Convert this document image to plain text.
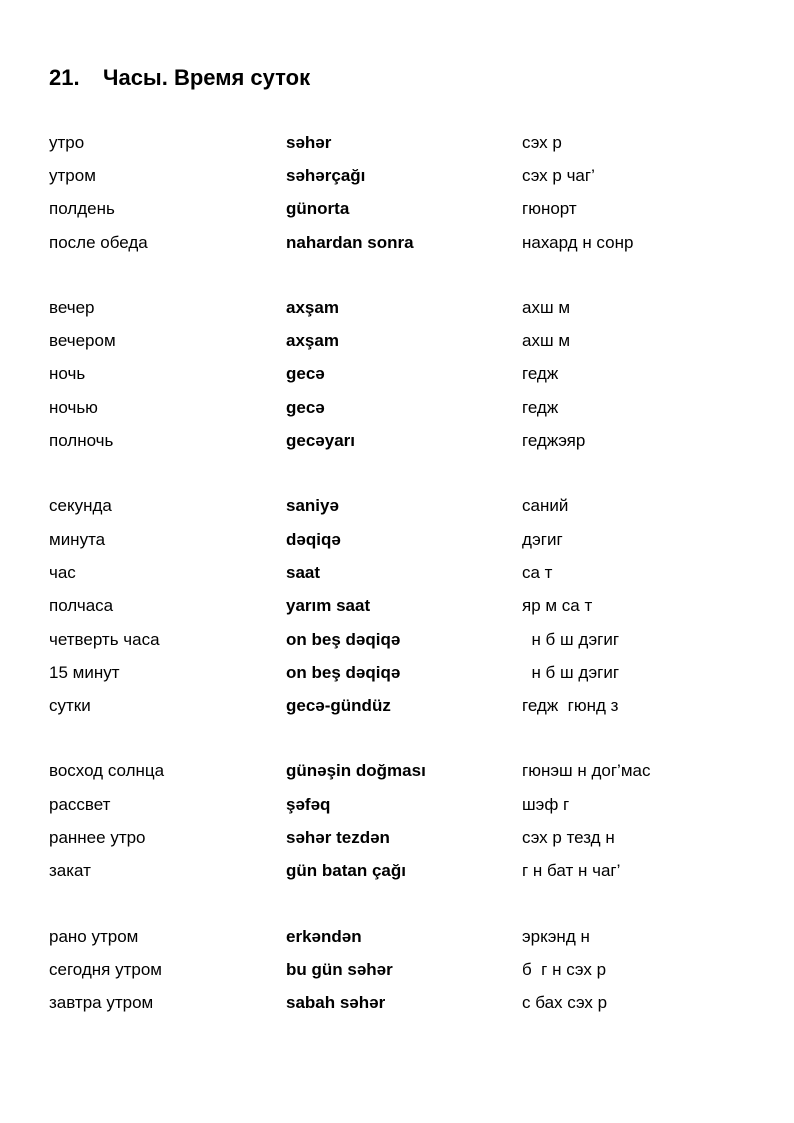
21. Часы. Время суток
утро	səhər	сэх р
утром	səhərçağı	сэх р чаг’
полдень	günorta	гюнорт
после обеда	nahardan sonra	нахард н сонр
вечер	axşam	ахш м
вечером	axşam	ахш м
ночь	gecə	гедж
ночью	gecə	гедж
полночь	gecəyarı	геджэяр
секунда	saniyə	саний
минута	dəqiqə	дэгиг
час	saat	са т
полчаса	yarım saat	яр м са т
четверть часа	on beş dəqiqə	н б ш дэгиг
15 минут	on beş dəqiqə	н б ш дэгиг
сутки	gecə-gündüz	гедж  гюнд з
восход солнца	günəşin doğması	гюнэш н дог’мас
рассвет	şəfəq	шэф г
раннее утро	səhər tezdən	сэх р тезд н
закат	gün batan çağı	г н бат н чаг’
рано утром	erkəndən	эркэнд н
сегодня утром	bu gün səhər	б  г н сэх р
завтра утром	sabah səhər	с бах сэх р
